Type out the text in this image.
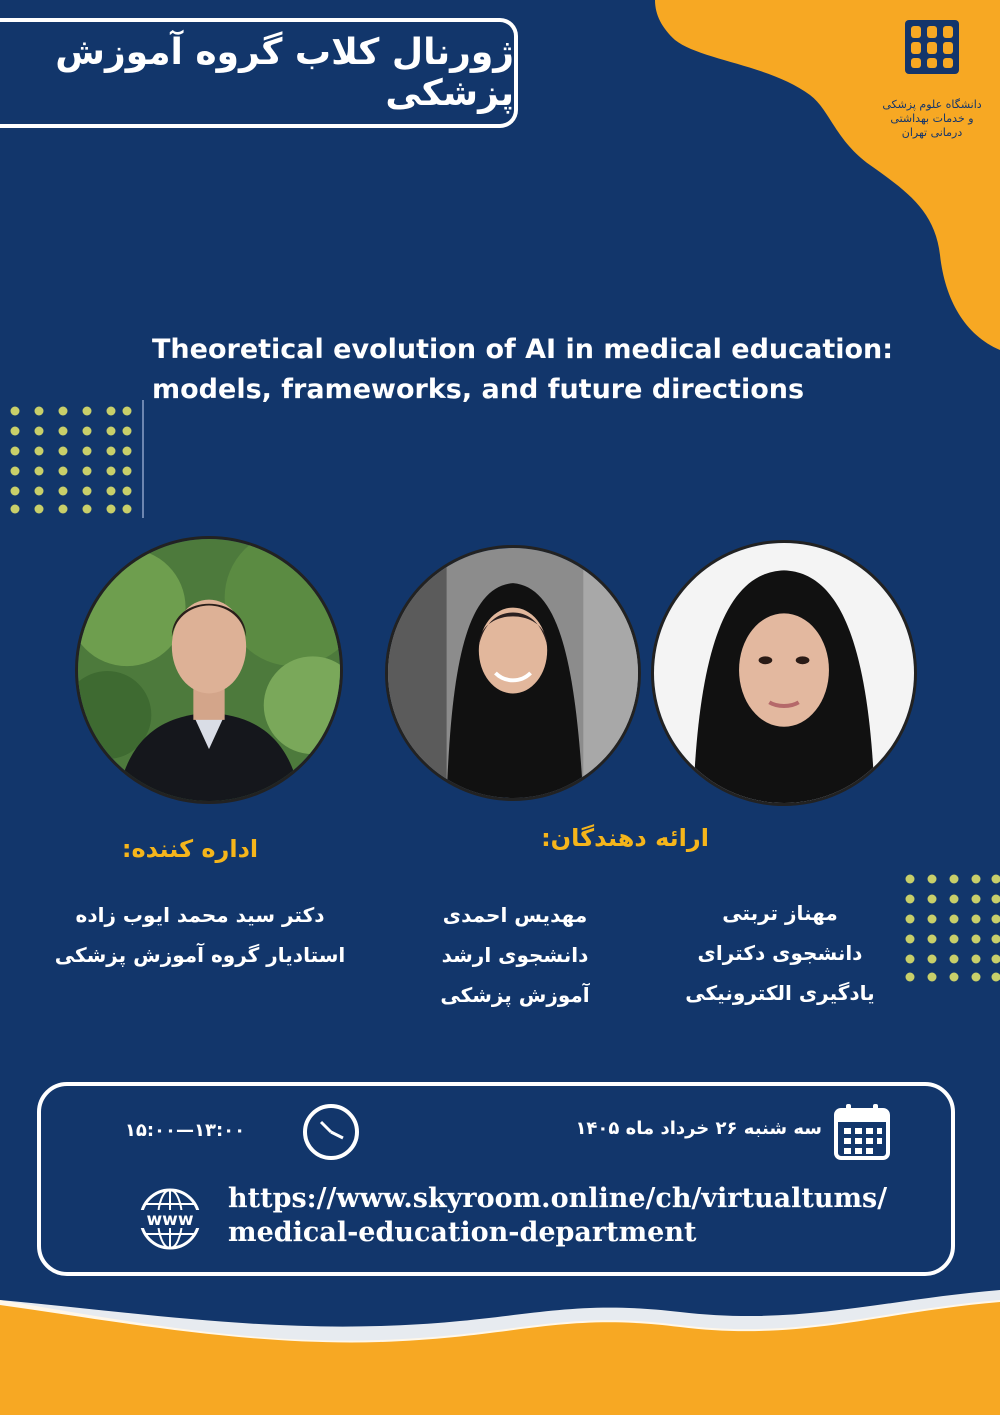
ژورنال کلاب گروه آموزش پزشکی	دانشگاه علوم پزشکی
و خدمات بهداشتی درمانی تهران
Theoretical evolution of AI in medical education:
models, frameworks, and future directions
اداره کننده:	ارائه دهندگان:
دکتر سید محمد ایوب زاده
استادیار گروه آموزش پزشکی
مهدیس احمدی
دانشجوی ارشد
آموزش پزشکی
مهناز تربتی
دانشجوی دکترای
یادگیری الکترونیکی
سه شنبه ۲۶ خرداد ماه ۱۴۰۵
۱۳:۰۰—۱۵:۰۰
www
https://www.skyroom.online/ch/virtualtums/
medical-education-department
